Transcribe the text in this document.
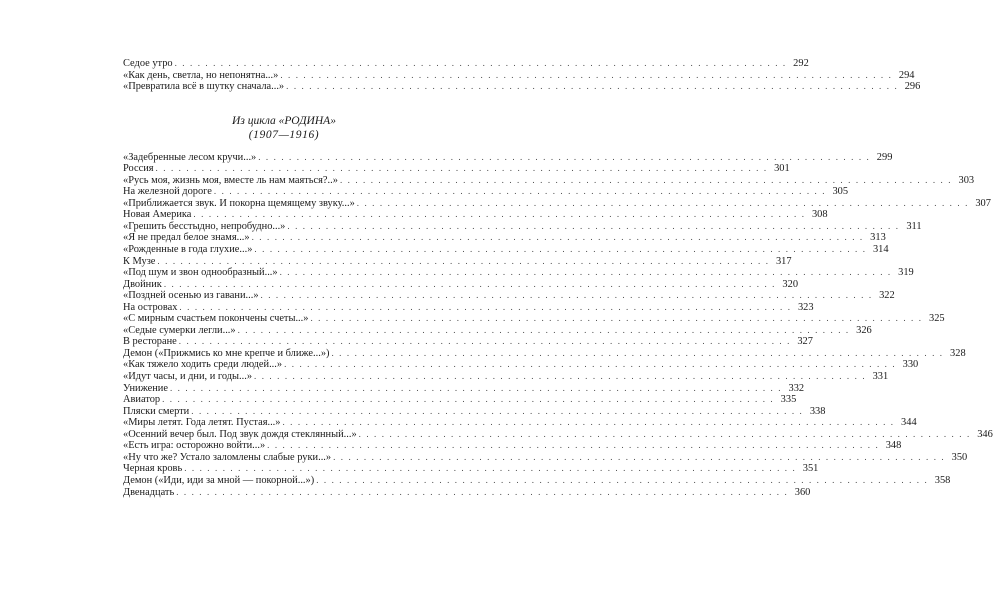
Седое утро . . . . . . . . . . . . . . . . . . . . . . . . . . . . . . . . . . . . . . . . . . . . . . . . . . . . . . . . . . . . . . . . . . . . . . . . . . . . . . . . 292
«Как день, светла, но непонятна...» . . . . . . . . . . . . . . . . . . . . . . . . . . . . . . . . . . . . . . . . . . . . . . . . . . . . . . . . . . . . . . . . . . . . . . . . . . . . . . . . 294
«Превратила всё в шутку сначала...» . . . . . . . . . . . . . . . . . . . . . . . . . . . . . . . . . . . . . . . . . . . . . . . . . . . . . . . . . . . . . . . . . . . . . . . . . . . . . . . . 296
Из цикла «РОДИНА»
(1907—1916)
«Задебренные лесом кручи...» . . . . . . . . . . . . . . . . . . . . . . . . . . . . . . . . . . . . . . . . . . . . . . . . . . . . . . . . . . . . . . . . . . . . . . . . . . . . . . . . 299
Россия . . . . . . . . . . . . . . . . . . . . . . . . . . . . . . . . . . . . . . . . . . . . . . . . . . . . . . . . . . . . . . . . . . . . . . . . . . . . . . . . 301
«Русь моя, жизнь моя, вместе ль нам маяться?..» . . . . . . . . . . . . . . . . . . . . . . . . . . . . . . . . . . . . . . . . . . . . . . . . . . . . . . . . . . . . . . . . . . . . . . . . . . . . . . . . 303
На железной дороге . . . . . . . . . . . . . . . . . . . . . . . . . . . . . . . . . . . . . . . . . . . . . . . . . . . . . . . . . . . . . . . . . . . . . . . . . . . . . . . . 305
«Приближается звук. И покорна щемящему звуку...» . . . . . . . . . . . . . . . . . . . . . . . . . . . . . . . . . . . . . . . . . . . . . . . . . . . . . . . . . . . . . . . . . . . . . . . . . . . . . . . . 307
Новая Америка . . . . . . . . . . . . . . . . . . . . . . . . . . . . . . . . . . . . . . . . . . . . . . . . . . . . . . . . . . . . . . . . . . . . . . . . . . . . . . . . 308
«Грешить бесстыдно, непробудно...» . . . . . . . . . . . . . . . . . . . . . . . . . . . . . . . . . . . . . . . . . . . . . . . . . . . . . . . . . . . . . . . . . . . . . . . . . . . . . . . . 311
«Я не предал белое знамя...» . . . . . . . . . . . . . . . . . . . . . . . . . . . . . . . . . . . . . . . . . . . . . . . . . . . . . . . . . . . . . . . . . . . . . . . . . . . . . . . . 313
«Рожденные в года глухие...» . . . . . . . . . . . . . . . . . . . . . . . . . . . . . . . . . . . . . . . . . . . . . . . . . . . . . . . . . . . . . . . . . . . . . . . . . . . . . . . . 314
К Музе . . . . . . . . . . . . . . . . . . . . . . . . . . . . . . . . . . . . . . . . . . . . . . . . . . . . . . . . . . . . . . . . . . . . . . . . . . . . . . . . 317
«Под шум и звон однообразный...» . . . . . . . . . . . . . . . . . . . . . . . . . . . . . . . . . . . . . . . . . . . . . . . . . . . . . . . . . . . . . . . . . . . . . . . . . . . . . . . . 319
Двойник . . . . . . . . . . . . . . . . . . . . . . . . . . . . . . . . . . . . . . . . . . . . . . . . . . . . . . . . . . . . . . . . . . . . . . . . . . . . . . . . 320
«Поздней осенью из гавани...» . . . . . . . . . . . . . . . . . . . . . . . . . . . . . . . . . . . . . . . . . . . . . . . . . . . . . . . . . . . . . . . . . . . . . . . . . . . . . . . . 322
На островах . . . . . . . . . . . . . . . . . . . . . . . . . . . . . . . . . . . . . . . . . . . . . . . . . . . . . . . . . . . . . . . . . . . . . . . . . . . . . . . . 323
«С мирным счастьем покончены счеты...» . . . . . . . . . . . . . . . . . . . . . . . . . . . . . . . . . . . . . . . . . . . . . . . . . . . . . . . . . . . . . . . . . . . . . . . . . . . . . . . . 325
«Седые сумерки легли...» . . . . . . . . . . . . . . . . . . . . . . . . . . . . . . . . . . . . . . . . . . . . . . . . . . . . . . . . . . . . . . . . . . . . . . . . . . . . . . . . 326
В ресторане . . . . . . . . . . . . . . . . . . . . . . . . . . . . . . . . . . . . . . . . . . . . . . . . . . . . . . . . . . . . . . . . . . . . . . . . . . . . . . . . 327
Демон («Прижмись ко мне крепче и ближе...») . . . . . . . . . . . . . . . . . . . . . . . . . . . . . . . . . . . . . . . . . . . . . . . . . . . . . . . . . . . . . . . . . . . . . . . . . . . . . . . . 328
«Как тяжело ходить среди людей...» . . . . . . . . . . . . . . . . . . . . . . . . . . . . . . . . . . . . . . . . . . . . . . . . . . . . . . . . . . . . . . . . . . . . . . . . . . . . . . . . 330
«Идут часы, и дни, и годы...» . . . . . . . . . . . . . . . . . . . . . . . . . . . . . . . . . . . . . . . . . . . . . . . . . . . . . . . . . . . . . . . . . . . . . . . . . . . . . . . . 331
Унижение . . . . . . . . . . . . . . . . . . . . . . . . . . . . . . . . . . . . . . . . . . . . . . . . . . . . . . . . . . . . . . . . . . . . . . . . . . . . . . . . 332
Авиатор . . . . . . . . . . . . . . . . . . . . . . . . . . . . . . . . . . . . . . . . . . . . . . . . . . . . . . . . . . . . . . . . . . . . . . . . . . . . . . . . 335
Пляски смерти . . . . . . . . . . . . . . . . . . . . . . . . . . . . . . . . . . . . . . . . . . . . . . . . . . . . . . . . . . . . . . . . . . . . . . . . . . . . . . . . 338
«Миры летят. Года летят. Пустая...» . . . . . . . . . . . . . . . . . . . . . . . . . . . . . . . . . . . . . . . . . . . . . . . . . . . . . . . . . . . . . . . . . . . . . . . . . . . . . . . . 344
«Осенний вечер был. Под звук дождя стеклянный...» . . . . . . . . . . . . . . . . . . . . . . . . . . . . . . . . . . . . . . . . . . . . . . . . . . . . . . . . . . . . . . . . . . . . . . . . . . . . . . . . 346
«Есть игра: осторожно войти...» . . . . . . . . . . . . . . . . . . . . . . . . . . . . . . . . . . . . . . . . . . . . . . . . . . . . . . . . . . . . . . . . . . . . . . . . . . . . . . . . 348
«Ну что же? Устало заломлены слабые руки...» . . . . . . . . . . . . . . . . . . . . . . . . . . . . . . . . . . . . . . . . . . . . . . . . . . . . . . . . . . . . . . . . . . . . . . . . . . . . . . . . 350
Черная кровь . . . . . . . . . . . . . . . . . . . . . . . . . . . . . . . . . . . . . . . . . . . . . . . . . . . . . . . . . . . . . . . . . . . . . . . . . . . . . . . . 351
Демон («Иди, иди за мной — покорной...») . . . . . . . . . . . . . . . . . . . . . . . . . . . . . . . . . . . . . . . . . . . . . . . . . . . . . . . . . . . . . . . . . . . . . . . . . . . . . . . . 358
Двенадцать . . . . . . . . . . . . . . . . . . . . . . . . . . . . . . . . . . . . . . . . . . . . . . . . . . . . . . . . . . . . . . . . . . . . . . . . . . . . . . . . 360
